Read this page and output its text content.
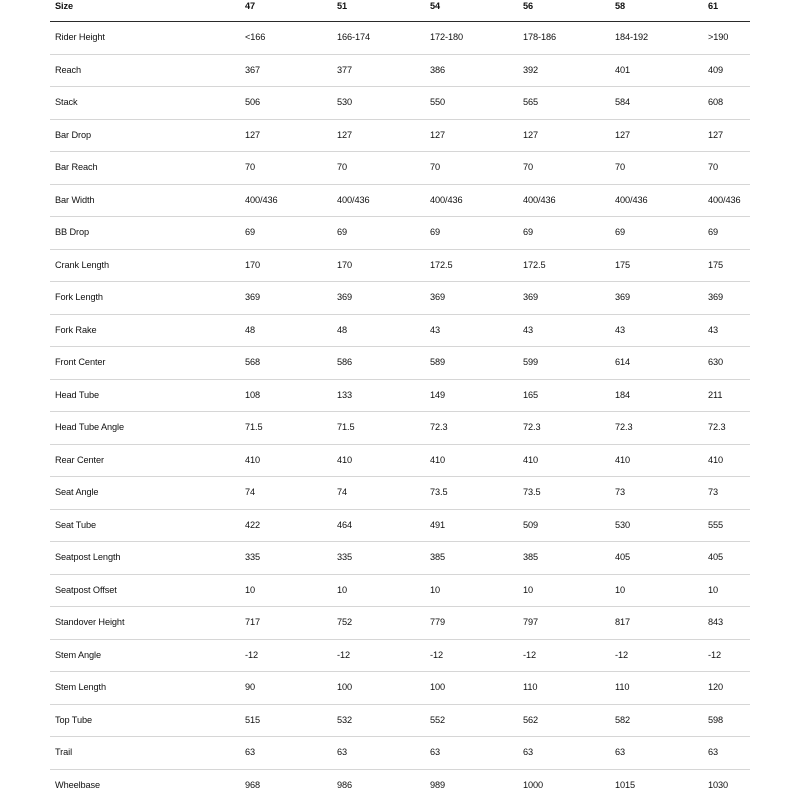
Size	47	51	54	56	58	61
Rider Height	<166	166-174	172-180	178-186	184-192	>190
Reach	367	377	386	392	401	409
Stack	506	530	550	565	584	608
Bar Drop	127	127	127	127	127	127
Bar Reach	70	70	70	70	70	70
Bar Width	400/436	400/436	400/436	400/436	400/436	400/436
BB Drop	69	69	69	69	69	69
Crank Length	170	170	172.5	172.5	175	175
Fork Length	369	369	369	369	369	369
Fork Rake	48	48	43	43	43	43
Front Center	568	586	589	599	614	630
Head Tube	108	133	149	165	184	211
Head Tube Angle	71.5	71.5	72.3	72.3	72.3	72.3
Rear Center	410	410	410	410	410	410
Seat Angle	74	74	73.5	73.5	73	73
Seat Tube	422	464	491	509	530	555
Seatpost Length	335	335	385	385	405	405
Seatpost Offset	10	10	10	10	10	10
Standover Height	717	752	779	797	817	843
Stem Angle	-12	-12	-12	-12	-12	-12
Stem Length	90	100	100	110	110	120
Top Tube	515	532	552	562	582	598
Trail	63	63	63	63	63	63
Wheelbase	968	986	989	1000	1015	1030
